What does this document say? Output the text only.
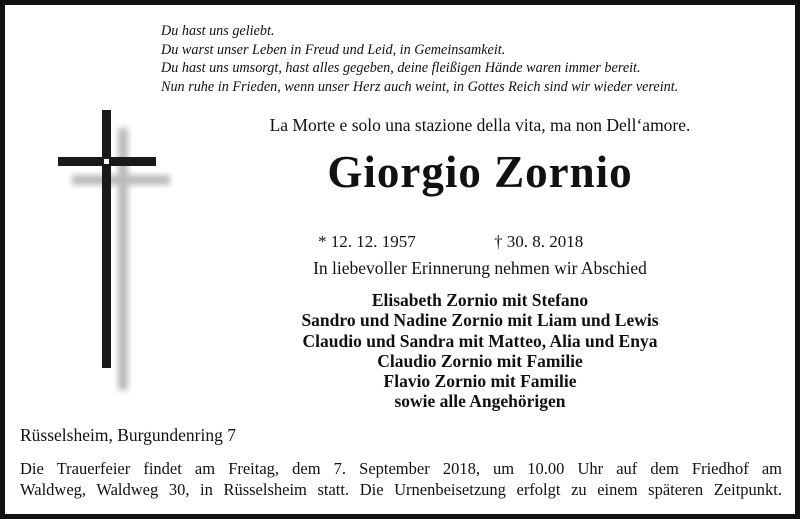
Du hast uns geliebt.
Du warst unser Leben in Freud und Leid, in Gemeinsamkeit.
Du hast uns umsorgt, hast alles gegeben, deine fleißigen Hände waren immer bereit.
Nun ruhe in Frieden, wenn unser Herz auch weint, in Gottes Reich sind wir wieder vereint.
La Morte e solo una stazione della vita, ma non Dell‘amore.
Giorgio Zornio
* 12. 12. 1957	† 30. 8. 2018
In liebevoller Erinnerung nehmen wir Abschied
Elisabeth Zornio mit Stefano
Sandro und Nadine Zornio mit Liam und Lewis
Claudio und Sandra mit Matteo, Alia und Enya
Claudio Zornio mit Familie
Flavio Zornio mit Familie
sowie alle Angehörigen
Rüsselsheim, Burgundenring 7
Die Trauerfeier findet am Freitag, dem 7. September 2018, um 10.00 Uhr auf dem Friedhof am
Waldweg, Waldweg 30, in Rüsselsheim statt. Die Urnenbeisetzung erfolgt zu einem späteren Zeitpunkt.
